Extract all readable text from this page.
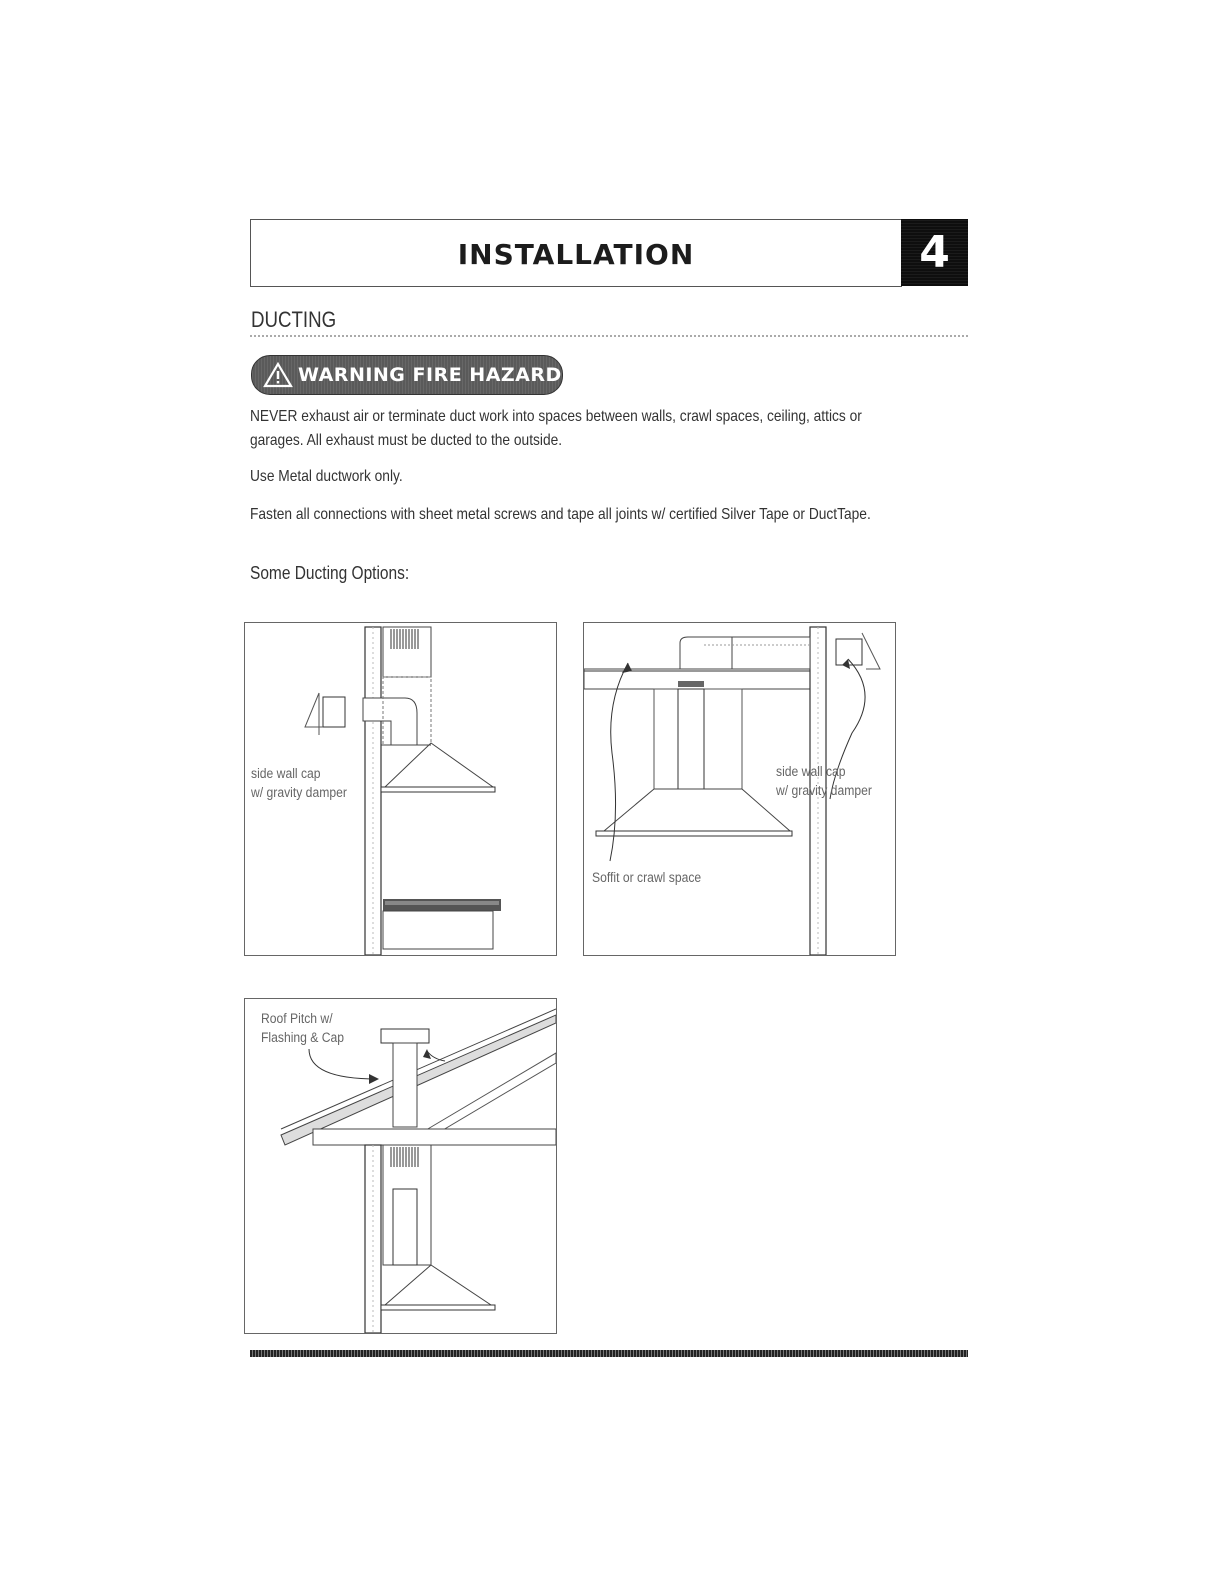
INSTALLATION	4
DUCTING
WARNING FIRE HAZARD
NEVER exhaust air or terminate duct work into spaces between walls, crawl spaces, ceiling, attics or
garages. All exhaust must be ducted to the outside.
Use Metal ductwork only.
Fasten all connections with sheet metal screws and tape all joints w/ certified Silver Tape or DuctTape.
Some Ducting Options:
side wall cap
w/ gravity damper
side wall cap
w/ gravity damper
Soffit or crawl space
Roof Pitch w/
Flashing & Cap
